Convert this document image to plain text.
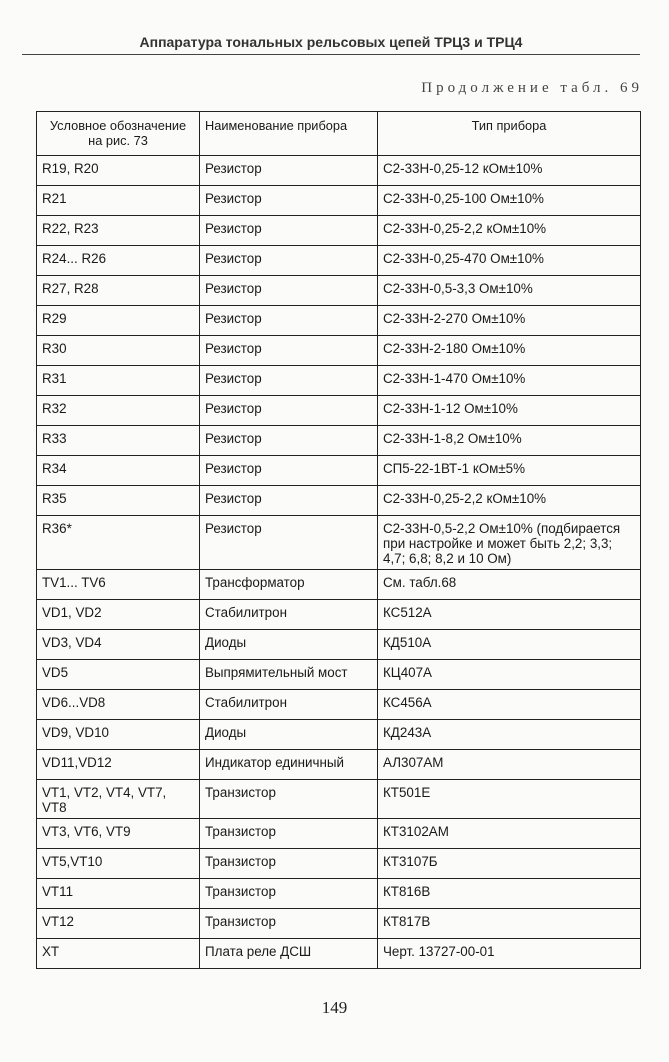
Аппаратура тональных рельсовых цепей ТРЦ3 и ТРЦ4
Продолжение табл. 69
Условное обозначение на рис. 73	Наименование прибора	Тип прибора
R19, R20	Резистор	С2-33Н-0,25-12 кОм±10%
R21	Резистор	С2-33Н-0,25-100 Ом±10%
R22, R23	Резистор	С2-33Н-0,25-2,2 кОм±10%
R24... R26	Резистор	С2-33Н-0,25-470 Ом±10%
R27, R28	Резистор	С2-33Н-0,5-3,3 Ом±10%
R29	Резистор	С2-33Н-2-270 Ом±10%
R30	Резистор	С2-33Н-2-180 Ом±10%
R31	Резистор	С2-33Н-1-470 Ом±10%
R32	Резистор	С2-33Н-1-12 Ом±10%
R33	Резистор	С2-33Н-1-8,2 Ом±10%
R34	Резистор	СП5-22-1ВТ-1 кОм±5%
R35	Резистор	С2-33Н-0,25-2,2 кОм±10%
R36*	Резистор	С2-33Н-0,5-2,2 Ом±10% (подбирается при настройке и может быть 2,2; 3,3; 4,7; 6,8; 8,2 и 10 Ом)
TV1... TV6	Трансформатор	См. табл.68
VD1, VD2	Стабилитрон	КС512А
VD3, VD4	Диоды	КД510А
VD5	Выпрямительный мост	КЦ407А
VD6...VD8	Стабилитрон	КС456А
VD9, VD10	Диоды	КД243А
VD11,VD12	Индикатор единичный	АЛ307АМ
VT1, VT2, VT4, VT7, VT8	Транзистор	КТ501Е
VT3, VT6, VT9	Транзистор	КТ3102АМ
VT5,VT10	Транзистор	КТ3107Б
VT11	Транзистор	КТ816В
VT12	Транзистор	КТ817В
XT	Плата реле ДСШ	Черт. 13727-00-01
149
